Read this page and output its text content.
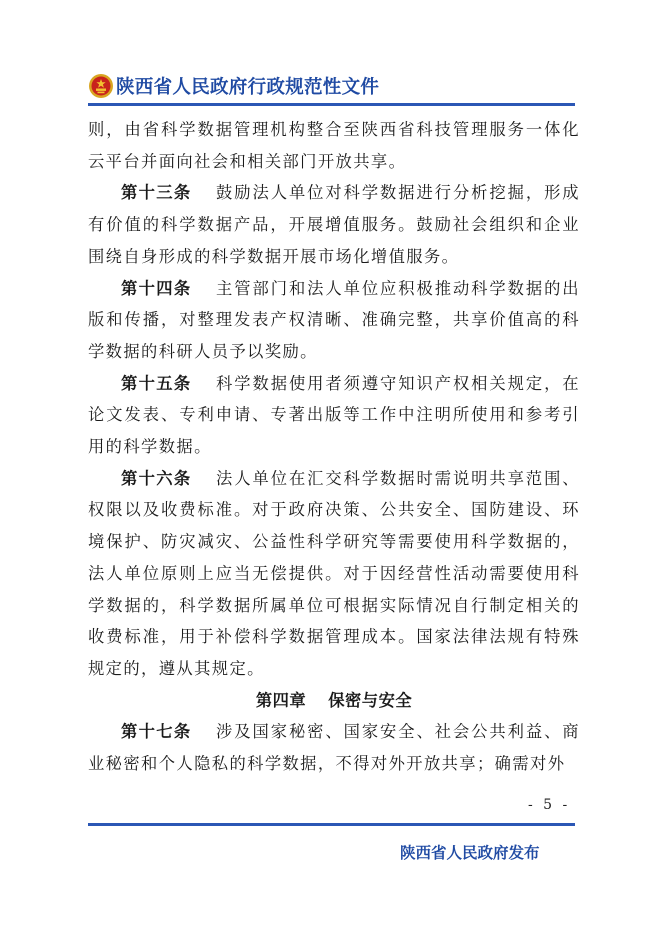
陕西省人民政府行政规范性文件

则，由省科学数据管理机构整合至陕西省科技管理服务一体化云平台并面向社会和相关部门开放共享。

第十三条 鼓励法人单位对科学数据进行分析挖掘，形成有价值的科学数据产品，开展增值服务。鼓励社会组织和企业围绕自身形成的科学数据开展市场化增值服务。

第十四条 主管部门和法人单位应积极推动科学数据的出版和传播，对整理发表产权清晰、准确完整，共享价值高的科学数据的科研人员予以奖励。

第十五条 科学数据使用者须遵守知识产权相关规定，在论文发表、专利申请、专著出版等工作中注明所使用和参考引用的科学数据。

第十六条 法人单位在汇交科学数据时需说明共享范围、权限以及收费标准。对于政府决策、公共安全、国防建设、环境保护、防灾减灾、公益性科学研究等需要使用科学数据的，法人单位原则上应当无偿提供。对于因经营性活动需要使用科学数据的，科学数据所属单位可根据实际情况自行制定相关的收费标准，用于补偿科学数据管理成本。国家法律法规有特殊规定的，遵从其规定。

第四章 保密与安全

第十七条 涉及国家秘密、国家安全、社会公共利益、商业秘密和个人隐私的科学数据，不得对外开放共享；确需对外

- 5 -
陕西省人民政府发布
